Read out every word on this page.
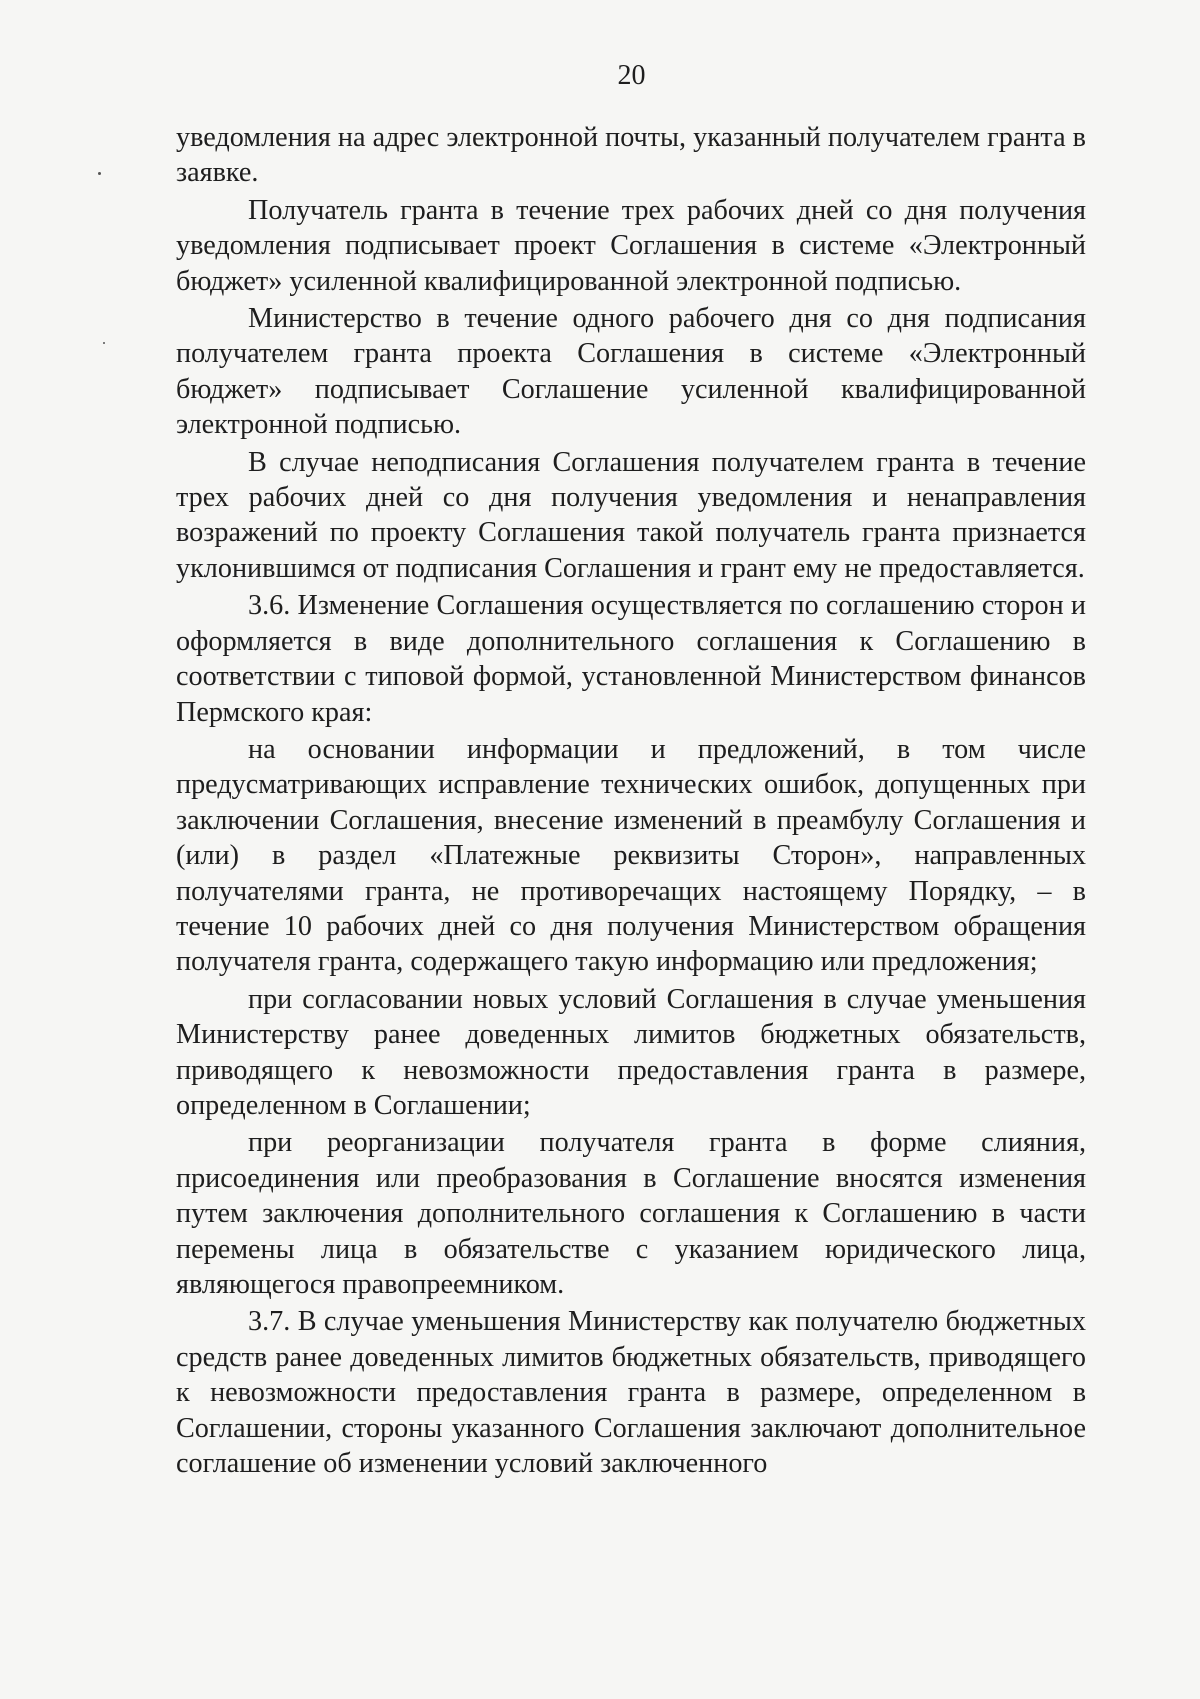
20

уведомления на адрес электронной почты, указанный получателем гранта в заявке.

Получатель гранта в течение трех рабочих дней со дня получения уведомления подписывает проект Соглашения в системе «Электронный бюджет» усиленной квалифицированной электронной подписью.

Министерство в течение одного рабочего дня со дня подписания получателем гранта проекта Соглашения в системе «Электронный бюджет» подписывает Соглашение усиленной квалифицированной электронной подписью.

В случае неподписания Соглашения получателем гранта в течение трех рабочих дней со дня получения уведомления и ненаправления возражений по проекту Соглашения такой получатель гранта признается уклонившимся от подписания Соглашения и грант ему не предоставляется.

3.6. Изменение Соглашения осуществляется по соглашению сторон и оформляется в виде дополнительного соглашения к Соглашению в соответствии с типовой формой, установленной Министерством финансов Пермского края:

на основании информации и предложений, в том числе предусматривающих исправление технических ошибок, допущенных при заключении Соглашения, внесение изменений в преамбулу Соглашения и (или) в раздел «Платежные реквизиты Сторон», направленных получателями гранта, не противоречащих настоящему Порядку, – в течение 10 рабочих дней со дня получения Министерством обращения получателя гранта, содержащего такую информацию или предложения;

при согласовании новых условий Соглашения в случае уменьшения Министерству ранее доведенных лимитов бюджетных обязательств, приводящего к невозможности предоставления гранта в размере, определенном в Соглашении;

при реорганизации получателя гранта в форме слияния, присоединения или преобразования в Соглашение вносятся изменения путем заключения дополнительного соглашения к Соглашению в части перемены лица в обязательстве с указанием юридического лица, являющегося правопреемником.

3.7. В случае уменьшения Министерству как получателю бюджетных средств ранее доведенных лимитов бюджетных обязательств, приводящего к невозможности предоставления гранта в размере, определенном в Соглашении, стороны указанного Соглашения заключают дополнительное соглашение об изменении условий заключенного
